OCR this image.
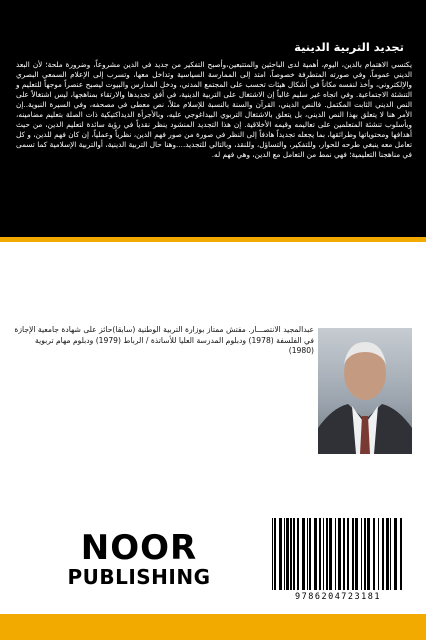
تجديد التربية الدينية
يكتسي الاهتمام بالدين، اليوم، أهمية لدى الباحثين والمتتبعين،وأصبح التفكير من جديد في الدين مشروعاً، وضرورة ملحة؛ لأن البعد الديني عموماً، وفي صورته المتطرفة خصوصاً، امتد إلى الممارسة السياسية وتداخل معها، وتسرب إلى الإعلام السمعي البصري والإلكتروني، وأخذ لنفسه مكاناً في أشكال هيئات تحسب على المجتمع المدني، ودخل المدارس والبيوت ليصبح عنصراً موجهاً للتعليم و التنشئة الاجتماعية. وفي اتجاه غير سليم غالباً إن الاشتغال على التربية الدينية، في أفق تجديدها والارتقاء بمناهجها، ليس اشتغالاً على النص الديني الثابت المكتمل. فالنص الديني، القرآن والسنة بالنسبة للإسلام مثلاً، نص معطى في مصحفه، وفي السيرة النبوية..إن الأمر هنا لا يتعلق بهذا النص الديني، بل يتعلق بالاشتغال التربوي البيداغوجي عليه، وبالأجرأة الديداكتيكية ذات الصلة بتعليم مضامينه، وبأسلوب تنشئة المتعلمين على تعاليمه وقيمه الأخلاقية. إن هذا التجديد المنشود ينظر نقدياً في رؤية سائدة لتعليم الدين، من حيث أهدافها ومحتوياتها وطرائقها، بما يجعله تجديداً هادفاً إلى النظر في صورة من صور فهم الدين، نظرياً وعملياً، إن كان فهم للدين، و كل تعامل معه ينبغي طرحه للحوار، وللتفكير، والتساؤل، وللنقد، وبالتالي للتجديد....وهنا حال التربية الدينية، أوالتربية الإسلامية كما تسمى في مناهجنا التعليمية؛ فهي نمط من التعامل مع الدين، وهي فهم له.
عبدالمجيد الانتصـــار. مفتش ممتاز بوزارة التربية الوطنية (سابقا)حائز على شهادة جامعية الإجازة في الفلسفة (1978) ودبلوم المدرسة العليا للأساتذة / الرباط (1979) ودبلوم مهام تربوية (1980)
NOOR
PUBLISHING
9786204723181
